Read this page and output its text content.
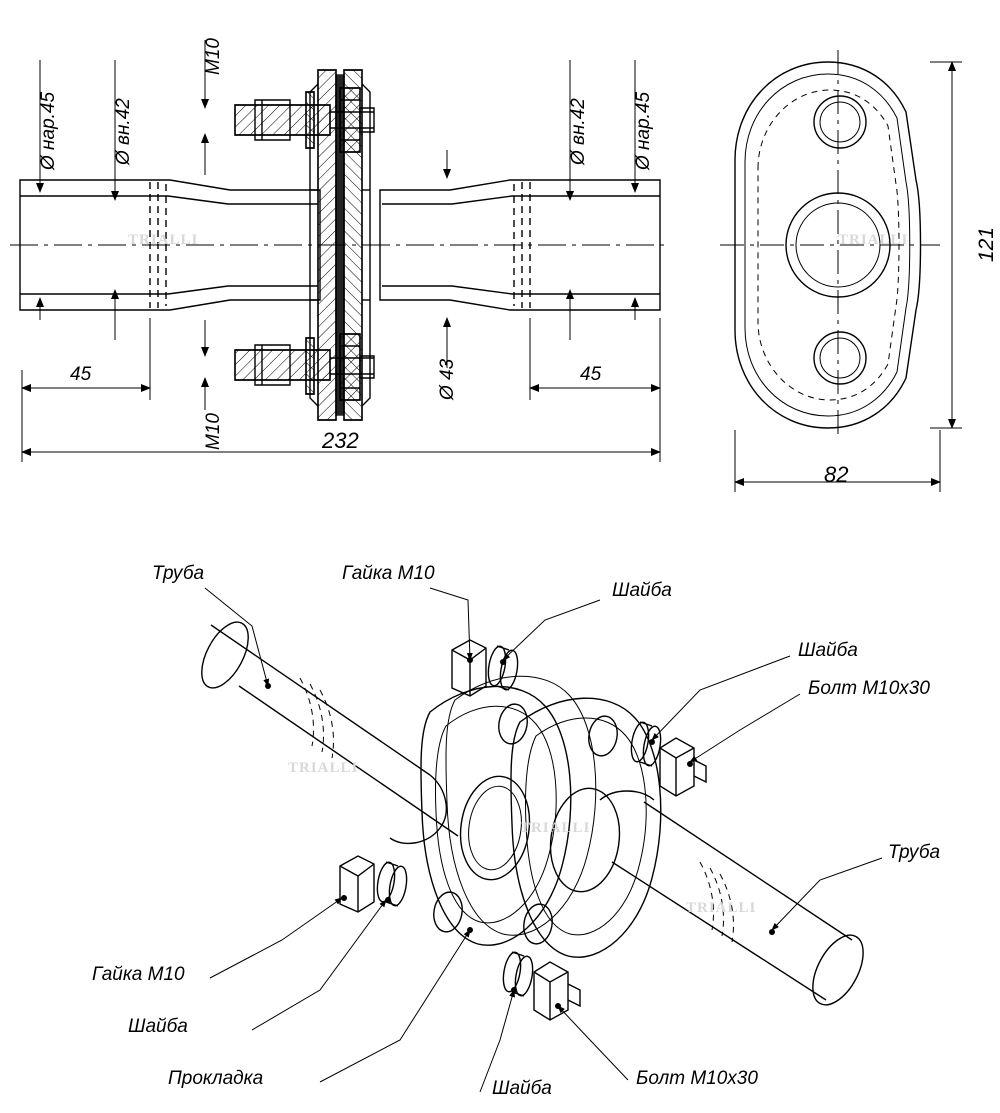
Ø нар.45	Ø вн.42
M10
M10
Ø вн.42 Ø нар.45
Ø 43
45	45
232
121
82
Труба	Гайка M10
Шайба
Шайба
Болт M10x30
Труба
Гайка M10
Шайба
Прокладка	Шайба	Болт M10x30
TRIALLI	TRIALLI
TRIALLI
TRIALLI
TRIALLI
